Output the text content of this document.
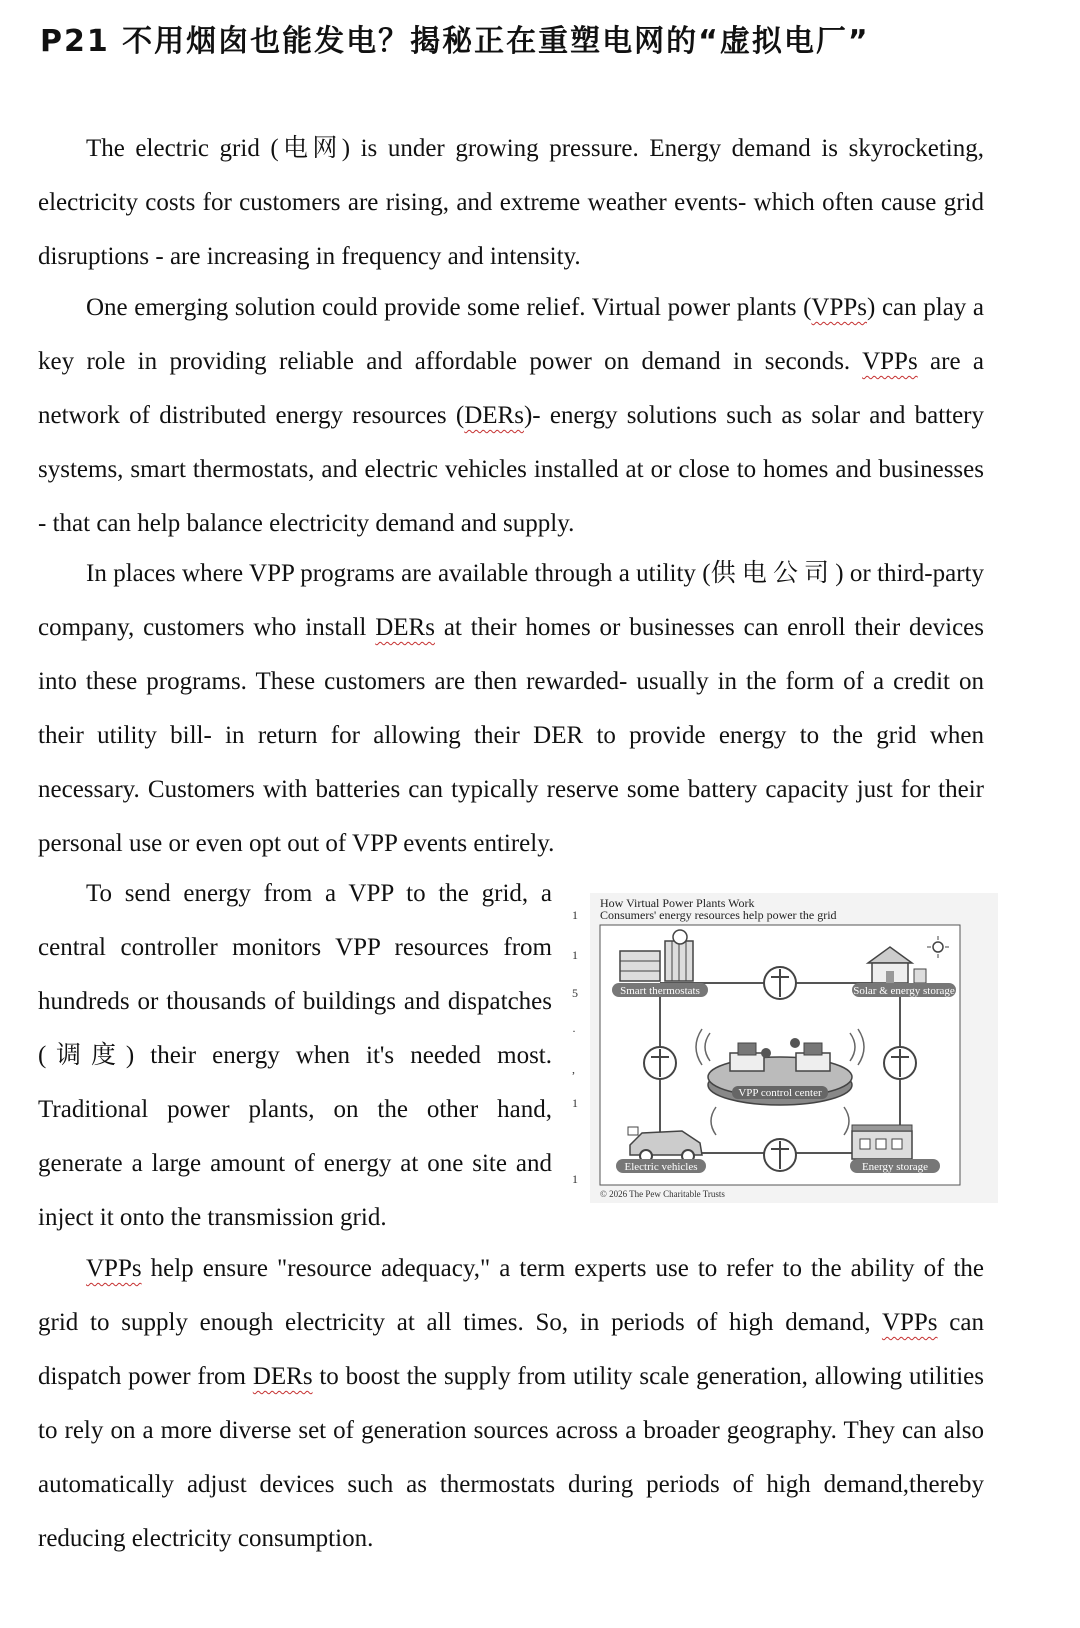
P21 不用烟囱也能发电？揭秘正在重塑电网的“虚拟电厂”

The electric grid (电网) is under growing pressure. Energy demand is skyrocketing, electricity costs for customers are rising, and extreme weather events- which often cause grid disruptions - are increasing in frequency and intensity.

One emerging solution could provide some relief. Virtual power plants (VPPs) can play a key role in providing reliable and affordable power on demand in seconds. VPPs are a network of distributed energy resources (DERs)- energy solutions such as solar and battery systems, smart thermostats, and electric vehicles installed at or close to homes and businesses - that can help balance electricity demand and supply.

In places where VPP programs are available through a utility (供电公司) or third-party company, customers who install DERs at their homes or businesses can enroll their devices into these programs. These customers are then rewarded- usually in the form of a credit on their utility bill- in return for allowing their DER to provide energy to the grid when necessary. Customers with batteries can typically reserve some battery capacity just for their personal use or even opt out of VPP events entirely.

To send energy from a VPP to the grid, a central controller monitors VPP resources from hundreds or thousands of buildings and dispatches (调度) their energy when it's needed most. Traditional power plants, on the other hand, generate a large amount of energy at one site and inject it onto the transmission grid.

1
1
5
·
,
1
1
Smart thermostats	Solar & energy storage
VPP control center
Electric vehicles	Energy storage
How Virtual Power Plants Work
Consumers' energy resources help power the grid
© 2026 The Pew Charitable Trusts

VPPs help ensure "resource adequacy," a term experts use to refer to the ability of the grid to supply enough electricity at all times. So, in periods of high demand, VPPs can dispatch power from DERs to boost the supply from utility scale generation, allowing utilities to rely on a more diverse set of generation sources across a broader geography. They can also automatically adjust devices such as thermostats during periods of high demand,thereby reducing electricity consumption.
